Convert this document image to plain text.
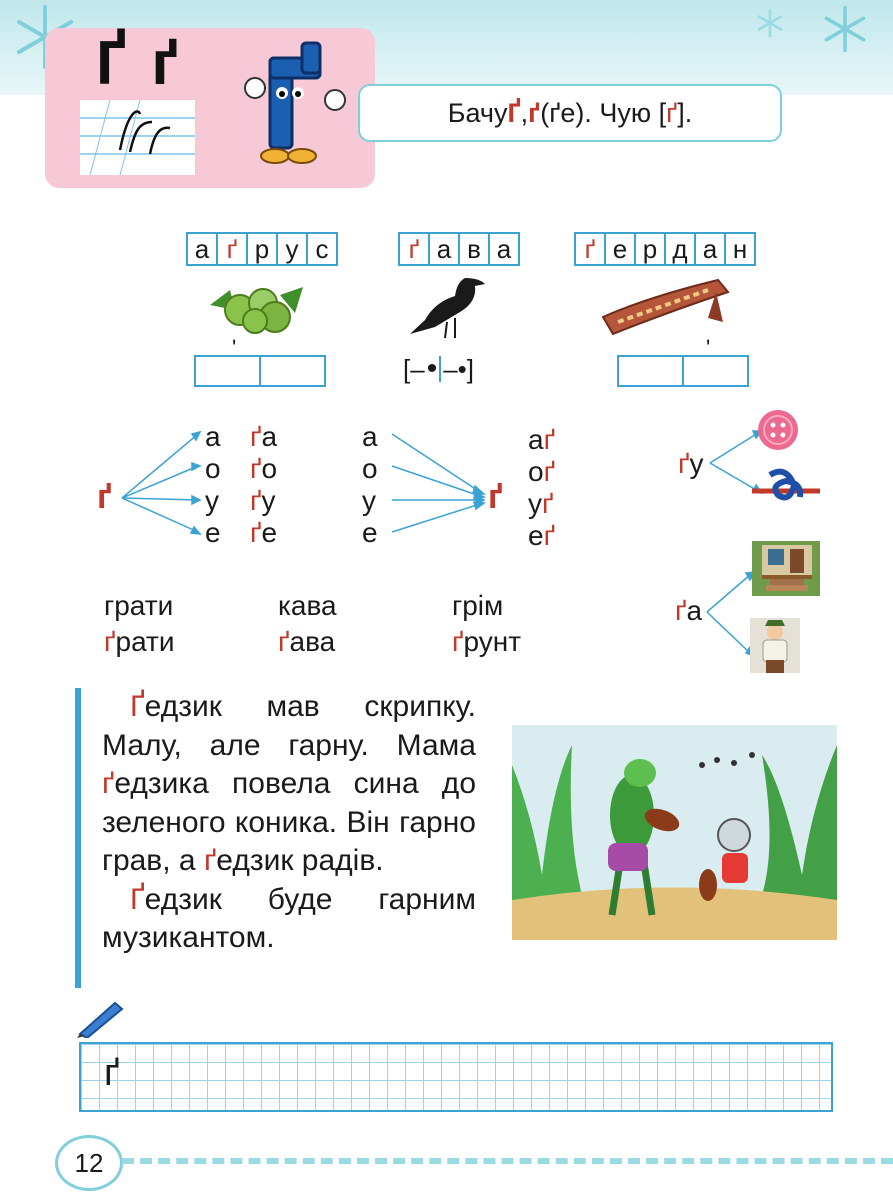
Ґ ґ
Бачу Ґ , ґ (ґе). Чую [ ґ ].
а ґ р у с	ґ а в а	ґ е р д а н
ʹ
[– • –•]
ʹ
ґ
а
о
у
е
ґа
ґо
ґу
ґе
а
о
у
е
ґ
аґ
оґ
уґ
еґ
ґу
ґа
грати
ґрати
кава
ґава
грім
ґрунт

Ґедзик мав скрипку. Малу, але гарну. Мама ґедзика повела сина до зеленого коника. Він гарно грав, а ґедзик радів.

Ґедзик буде гарним музикантом.

ґ
12
